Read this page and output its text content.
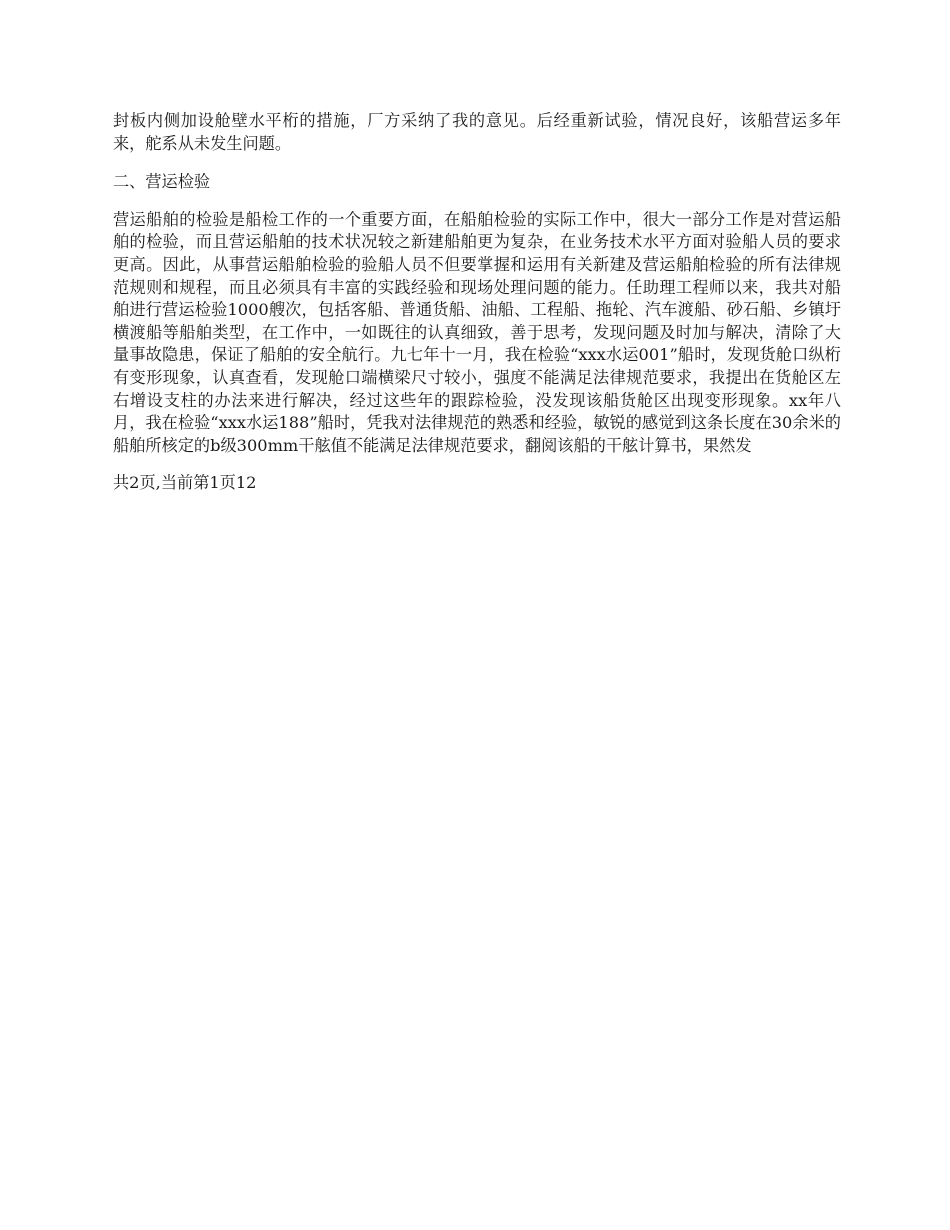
封板内侧加设舱壁水平桁的措施，厂方采纳了我的意见。后经重新试验，情况良好，该船营运多年来，舵系从未发生问题。

二、营运检验

营运船舶的检验是船检工作的一个重要方面，在船舶检验的实际工作中，很大一部分工作是对营运船舶的检验，而且营运船舶的技术状况较之新建船舶更为复杂，在业务技术水平方面对验船人员的要求更高。因此，从事营运船舶检验的验船人员不但要掌握和运用有关新建及营运船舶检验的所有法律规范规则和规程，而且必须具有丰富的实践经验和现场处理问题的能力。任助理工程师以来，我共对船舶进行营运检验1000艘次，包括客船、普通货船、油船、工程船、拖轮、汽车渡船、砂石船、乡镇圩横渡船等船舶类型，在工作中，一如既往的认真细致，善于思考，发现问题及时加与解决，清除了大量事故隐患，保证了船舶的安全航行。九七年十一月，我在检验“xxx水运001”船时，发现货舱口纵桁有变形现象，认真查看，发现舱口端横梁尺寸较小，强度不能满足法律规范要求，我提出在货舱区左右增设支柱的办法来进行解决，经过这些年的跟踪检验，没发现该船货舱区出现变形现象。xx年八月，我在检验“xxx水运188”船时，凭我对法律规范的熟悉和经验，敏锐的感觉到这条长度在30余米的船舶所核定的b级300mm干舷值不能满足法律规范要求，翻阅该船的干舷计算书，果然发

共2页,当前第1页12
